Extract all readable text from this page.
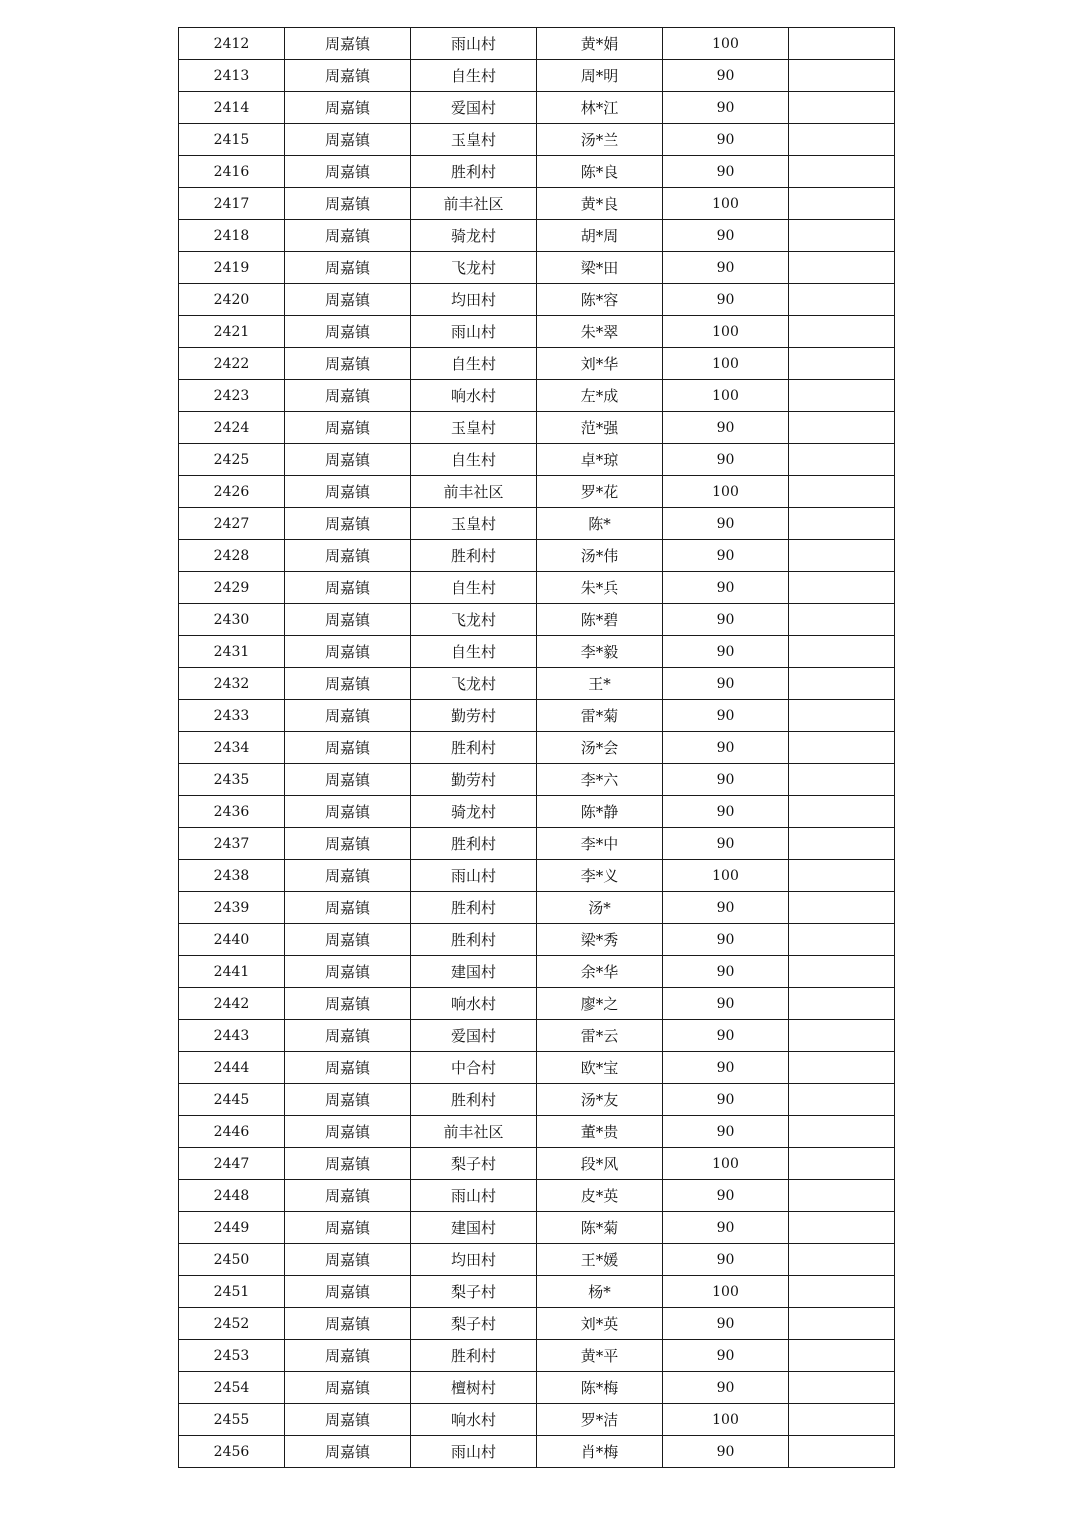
2412	周嘉镇	雨山村	黄*娟	100	
2413	周嘉镇	自生村	周*明	90	
2414	周嘉镇	爱国村	林*江	90	
2415	周嘉镇	玉皇村	汤*兰	90	
2416	周嘉镇	胜利村	陈*良	90	
2417	周嘉镇	前丰社区	黄*良	100	
2418	周嘉镇	骑龙村	胡*周	90	
2419	周嘉镇	飞龙村	梁*田	90	
2420	周嘉镇	均田村	陈*容	90	
2421	周嘉镇	雨山村	朱*翠	100	
2422	周嘉镇	自生村	刘*华	100	
2423	周嘉镇	响水村	左*成	100	
2424	周嘉镇	玉皇村	范*强	90	
2425	周嘉镇	自生村	卓*琼	90	
2426	周嘉镇	前丰社区	罗*花	100	
2427	周嘉镇	玉皇村	陈*	90	
2428	周嘉镇	胜利村	汤*伟	90	
2429	周嘉镇	自生村	朱*兵	90	
2430	周嘉镇	飞龙村	陈*碧	90	
2431	周嘉镇	自生村	李*毅	90	
2432	周嘉镇	飞龙村	王*	90	
2433	周嘉镇	勤劳村	雷*菊	90	
2434	周嘉镇	胜利村	汤*会	90	
2435	周嘉镇	勤劳村	李*六	90	
2436	周嘉镇	骑龙村	陈*静	90	
2437	周嘉镇	胜利村	李*中	90	
2438	周嘉镇	雨山村	李*义	100	
2439	周嘉镇	胜利村	汤*	90	
2440	周嘉镇	胜利村	梁*秀	90	
2441	周嘉镇	建国村	余*华	90	
2442	周嘉镇	响水村	廖*之	90	
2443	周嘉镇	爱国村	雷*云	90	
2444	周嘉镇	中合村	欧*宝	90	
2445	周嘉镇	胜利村	汤*友	90	
2446	周嘉镇	前丰社区	董*贵	90	
2447	周嘉镇	梨子村	段*风	100	
2448	周嘉镇	雨山村	皮*英	90	
2449	周嘉镇	建国村	陈*菊	90	
2450	周嘉镇	均田村	王*媛	90	
2451	周嘉镇	梨子村	杨*	100	
2452	周嘉镇	梨子村	刘*英	90	
2453	周嘉镇	胜利村	黄*平	90	
2454	周嘉镇	檀树村	陈*梅	90	
2455	周嘉镇	响水村	罗*洁	100	
2456	周嘉镇	雨山村	肖*梅	90	
